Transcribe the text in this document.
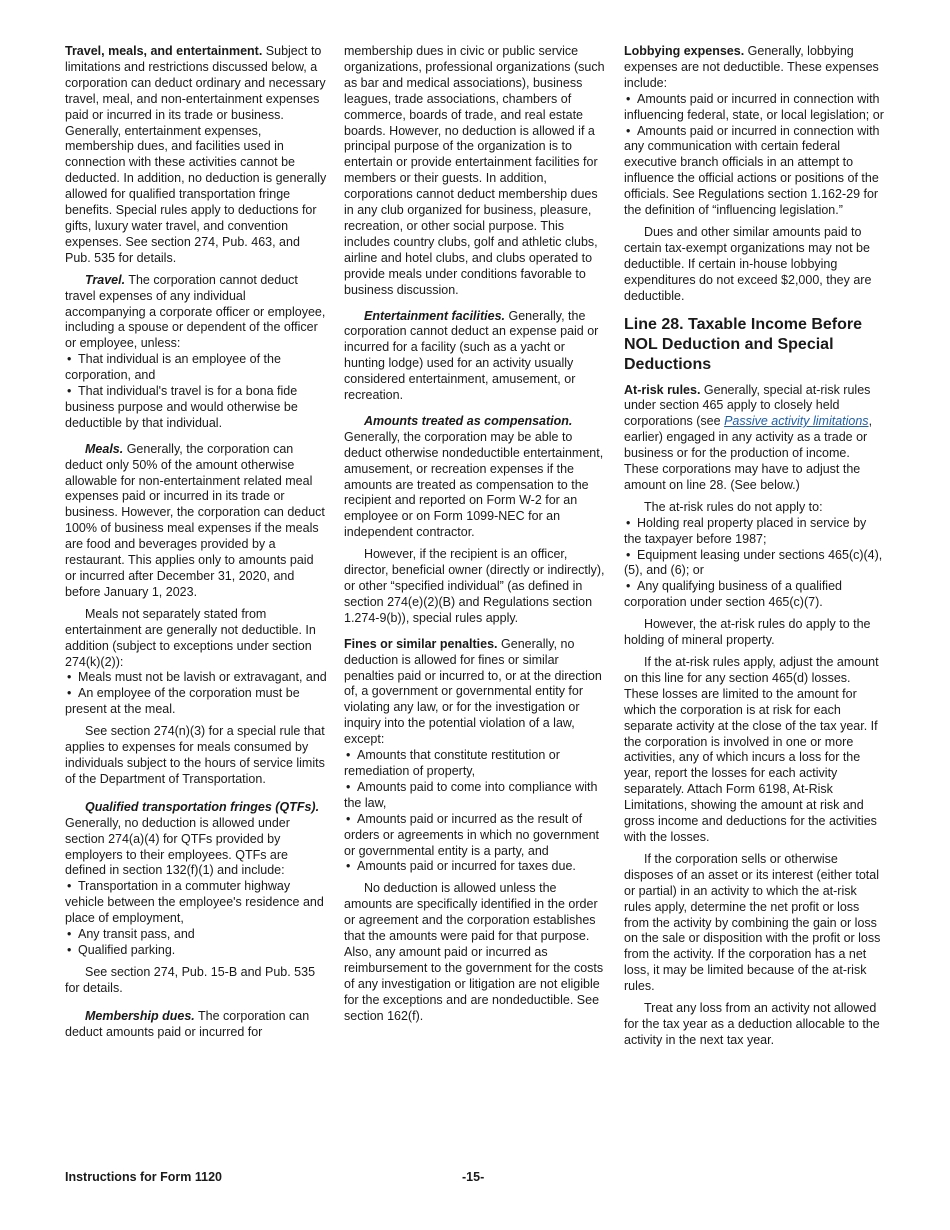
Travel, meals, and entertainment. Subject to limitations and restrictions discussed below, a corporation can deduct ordinary and necessary travel, meal, and non-entertainment expenses paid or incurred in its trade or business. Generally, entertainment expenses, membership dues, and facilities used in connection with these activities cannot be deducted. In addition, no deduction is generally allowed for qualified transportation fringe benefits. Special rules apply to deductions for gifts, luxury water travel, and convention expenses. See section 274, Pub. 463, and Pub. 535 for details.

Travel. The corporation cannot deduct travel expenses of any individual accompanying a corporate officer or employee, including a spouse or dependent of the officer or employee, unless:

• That individual is an employee of the corporation, and
• That individual's travel is for a bona fide business purpose and would otherwise be deductible by that individual.

Meals. Generally, the corporation can deduct only 50% of the amount otherwise allowable for non-entertainment related meal expenses paid or incurred in its trade or business. However, the corporation can deduct 100% of business meal expenses if the meals are food and beverages provided by a restaurant. This applies only to amounts paid or incurred after December 31, 2020, and before January 1, 2023.

Meals not separately stated from entertainment are generally not deductible. In addition (subject to exceptions under section 274(k)(2)):

• Meals must not be lavish or extravagant, and
• An employee of the corporation must be present at the meal.

See section 274(n)(3) for a special rule that applies to expenses for meals consumed by individuals subject to the hours of service limits of the Department of Transportation.

Qualified transportation fringes (QTFs). Generally, no deduction is allowed under section 274(a)(4) for QTFs provided by employers to their employees. QTFs are defined in section 132(f)(1) and include:

• Transportation in a commuter highway vehicle between the employee's residence and place of employment,
• Any transit pass, and
• Qualified parking.

See section 274, Pub. 15-B and Pub. 535 for details.

Membership dues. The corporation can deduct amounts paid or incurred for

membership dues in civic or public service organizations, professional organizations (such as bar and medical associations), business leagues, trade associations, chambers of commerce, boards of trade, and real estate boards. However, no deduction is allowed if a principal purpose of the organization is to entertain or provide entertainment facilities for members or their guests. In addition, corporations cannot deduct membership dues in any club organized for business, pleasure, recreation, or other social purpose. This includes country clubs, golf and athletic clubs, airline and hotel clubs, and clubs operated to provide meals under conditions favorable to business discussion.

Entertainment facilities. Generally, the corporation cannot deduct an expense paid or incurred for a facility (such as a yacht or hunting lodge) used for an activity usually considered entertainment, amusement, or recreation.

Amounts treated as compensation. Generally, the corporation may be able to deduct otherwise nondeductible entertainment, amusement, or recreation expenses if the amounts are treated as compensation to the recipient and reported on Form W-2 for an employee or on Form 1099-NEC for an independent contractor.

However, if the recipient is an officer, director, beneficial owner (directly or indirectly), or other “specified individual” (as defined in section 274(e)(2)(B) and Regulations section 1.274-9(b)), special rules apply.

Fines or similar penalties. Generally, no deduction is allowed for fines or similar penalties paid or incurred to, or at the direction of, a government or governmental entity for violating any law, or for the investigation or inquiry into the potential violation of a law, except:

• Amounts that constitute restitution or remediation of property,
• Amounts paid to come into compliance with the law,
• Amounts paid or incurred as the result of orders or agreements in which no government or governmental entity is a party, and
• Amounts paid or incurred for taxes due.

No deduction is allowed unless the amounts are specifically identified in the order or agreement and the corporation establishes that the amounts were paid for that purpose. Also, any amount paid or incurred as reimbursement to the government for the costs of any investigation or litigation are not eligible for the exceptions and are nondeductible. See section 162(f).

Lobbying expenses. Generally, lobbying expenses are not deductible. These expenses include:

• Amounts paid or incurred in connection with influencing federal, state, or local legislation; or
• Amounts paid or incurred in connection with any communication with certain federal executive branch officials in an attempt to influence the official actions or positions of the officials. See Regulations section 1.162-29 for the definition of “influencing legislation.”

Dues and other similar amounts paid to certain tax-exempt organizations may not be deductible. If certain in-house lobbying expenditures do not exceed $2,000, they are deductible.

Line 28. Taxable Income Before NOL Deduction and Special Deductions

At-risk rules. Generally, special at-risk rules under section 465 apply to closely held corporations (see Passive activity limitations, earlier) engaged in any activity as a trade or business or for the production of income. These corporations may have to adjust the amount on line 28. (See below.)

The at-risk rules do not apply to:

• Holding real property placed in service by the taxpayer before 1987;
• Equipment leasing under sections 465(c)(4), (5), and (6); or
• Any qualifying business of a qualified corporation under section 465(c)(7).

However, the at-risk rules do apply to the holding of mineral property.

If the at-risk rules apply, adjust the amount on this line for any section 465(d) losses. These losses are limited to the amount for which the corporation is at risk for each separate activity at the close of the tax year. If the corporation is involved in one or more activities, any of which incurs a loss for the year, report the losses for each activity separately. Attach Form 6198, At-Risk Limitations, showing the amount at risk and gross income and deductions for the activities with the losses.

If the corporation sells or otherwise disposes of an asset or its interest (either total or partial) in an activity to which the at-risk rules apply, determine the net profit or loss from the activity by combining the gain or loss on the sale or disposition with the profit or loss from the activity. If the corporation has a net loss, it may be limited because of the at-risk rules.

Treat any loss from an activity not allowed for the tax year as a deduction allocable to the activity in the next tax year.

Instructions for Form 1120	-15-
